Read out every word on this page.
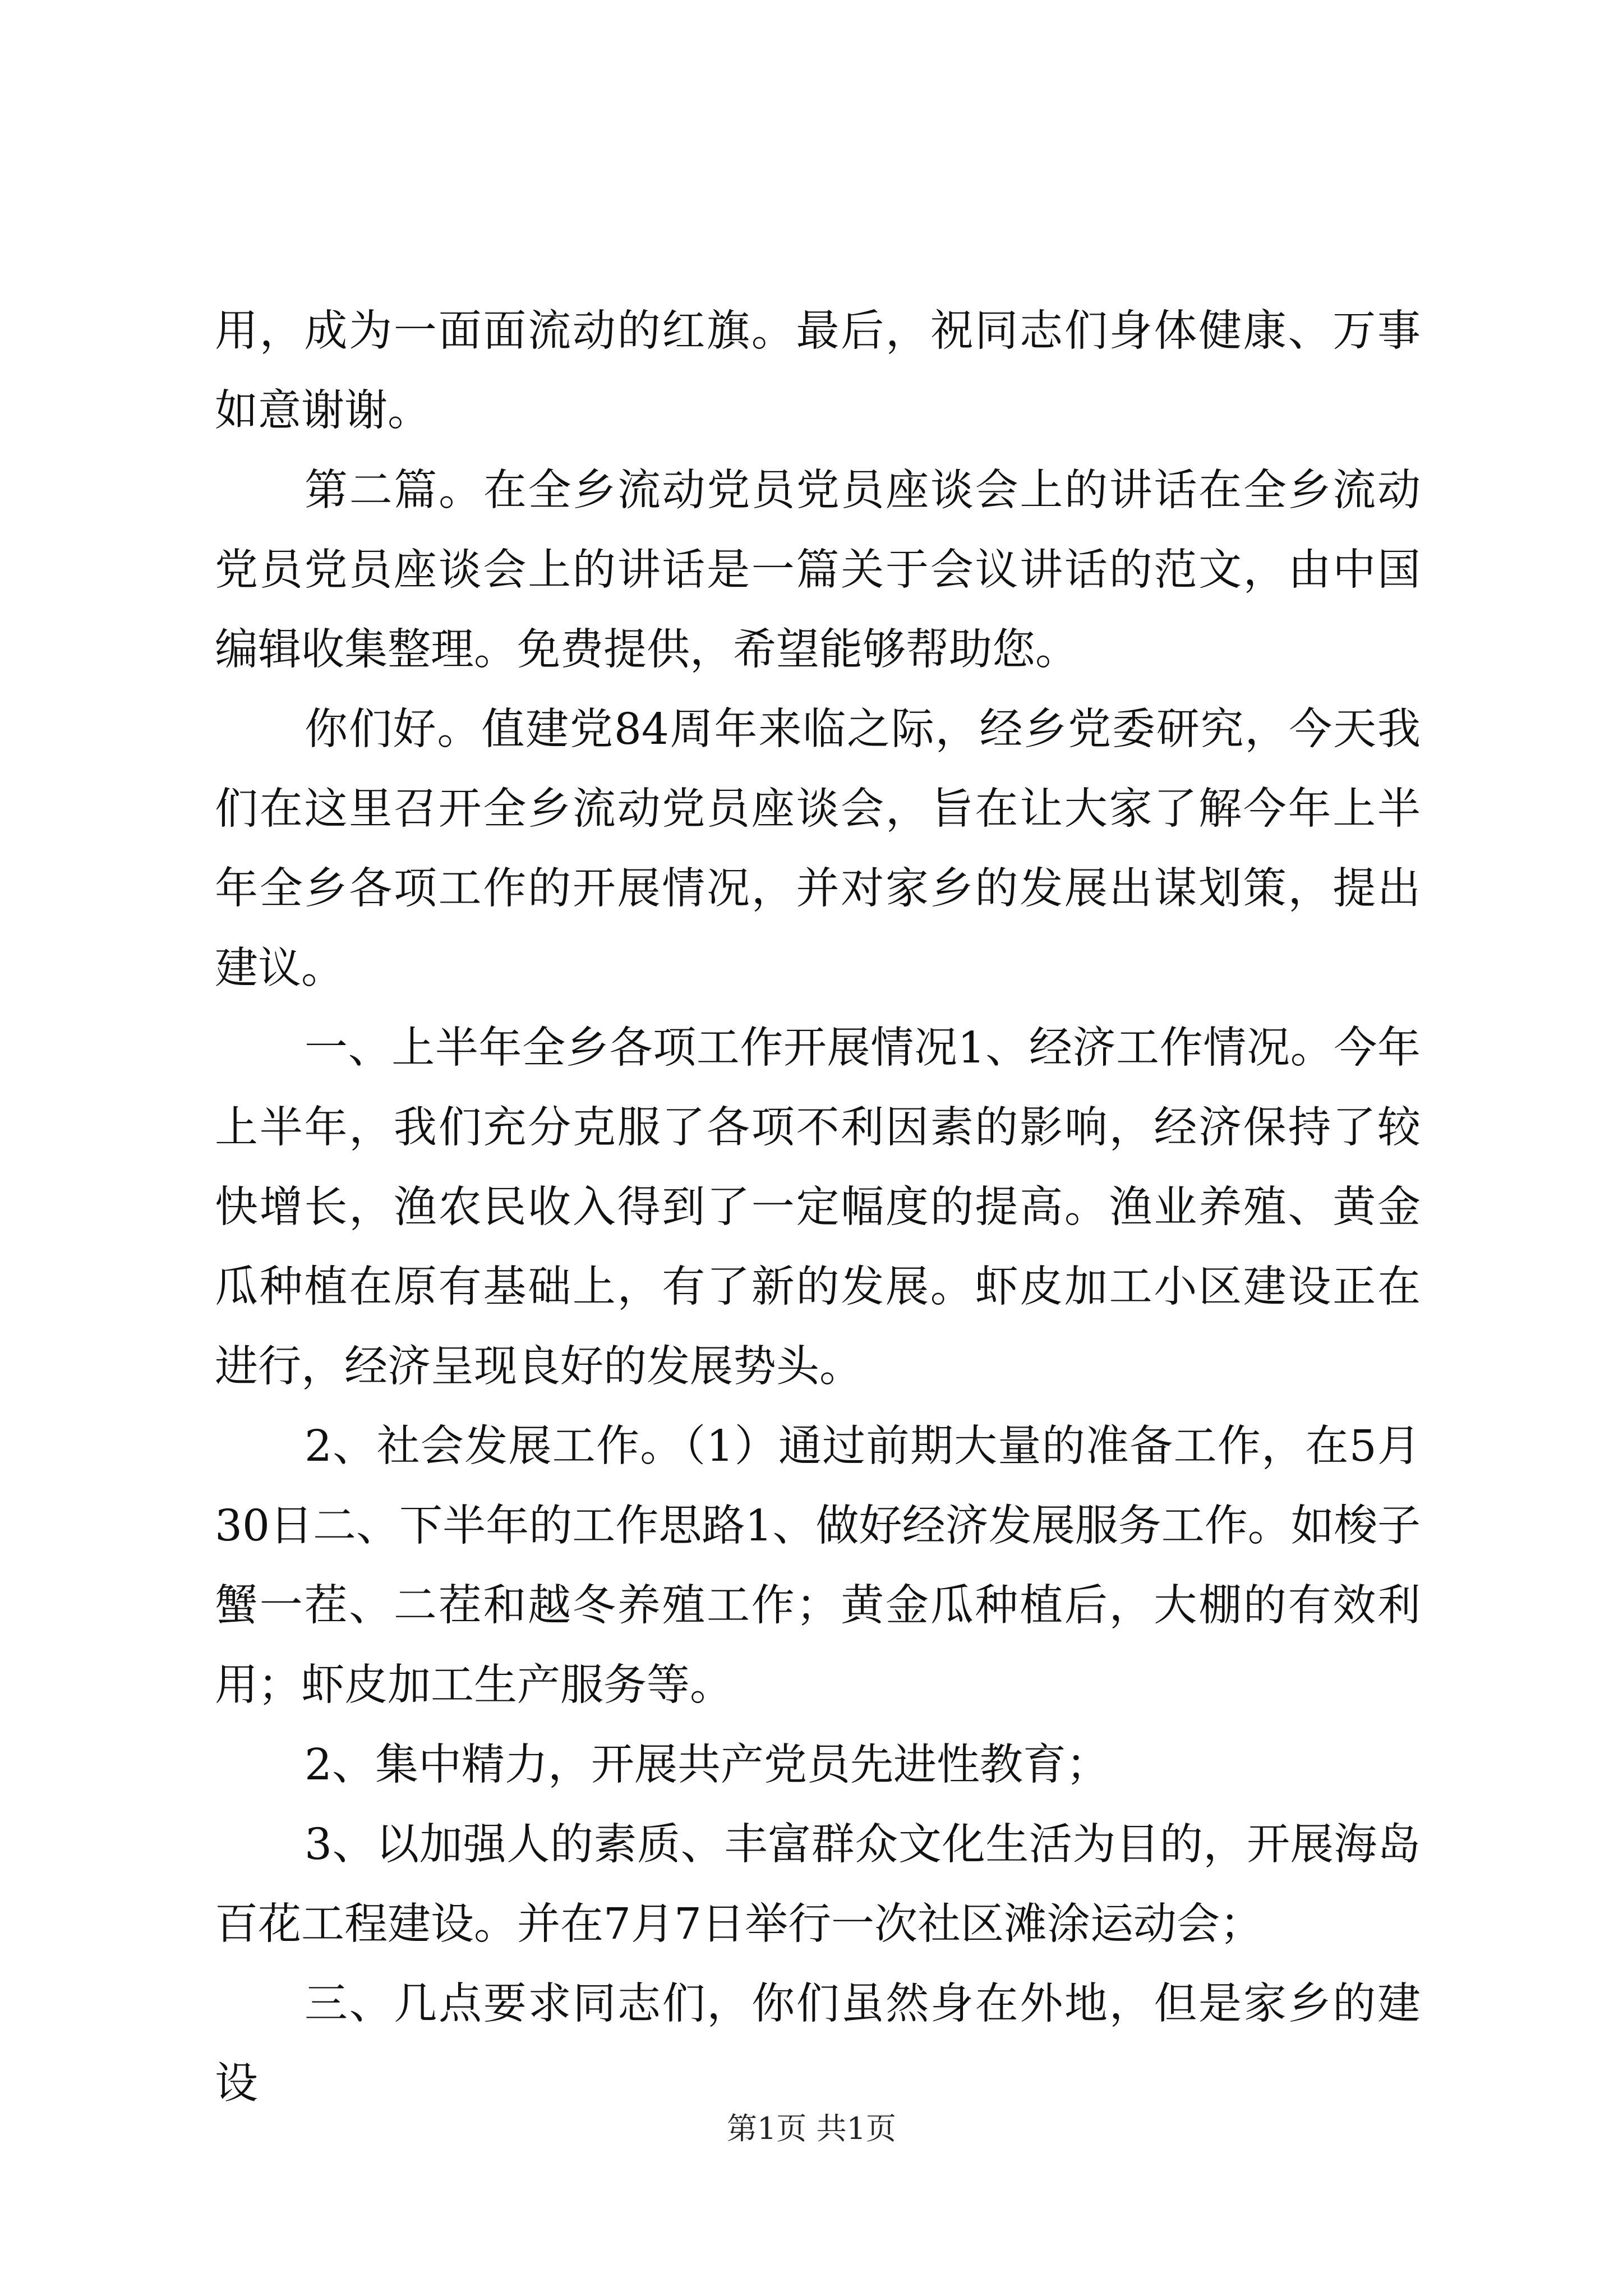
用，成为一面面流动的红旗。最后，祝同志们身体健康、万事如意谢谢。

第二篇。在全乡流动党员党员座谈会上的讲话在全乡流动党员党员座谈会上的讲话是一篇关于会议讲话的范文，由中国编辑收集整理。免费提供，希望能够帮助您。

你们好。值建党84周年来临之际，经乡党委研究，今天我们在这里召开全乡流动党员座谈会，旨在让大家了解今年上半年全乡各项工作的开展情况，并对家乡的发展出谋划策，提出建议。

一、上半年全乡各项工作开展情况1、经济工作情况。今年上半年，我们充分克服了各项不利因素的影响，经济保持了较快增长，渔农民收入得到了一定幅度的提高。渔业养殖、黄金瓜种植在原有基础上，有了新的发展。虾皮加工小区建设正在进行，经济呈现良好的发展势头。

2、社会发展工作。（1）通过前期大量的准备工作，在5月30日二、下半年的工作思路1、做好经济发展服务工作。如梭子蟹一茬、二茬和越冬养殖工作；黄金瓜种植后，大棚的有效利用；虾皮加工生产服务等。

2、集中精力，开展共产党员先进性教育；

3、以加强人的素质、丰富群众文化生活为目的，开展海岛百花工程建设。并在7月7日举行一次社区滩涂运动会；

三、几点要求同志们，你们虽然身在外地，但是家乡的建设

第1页 共1页
